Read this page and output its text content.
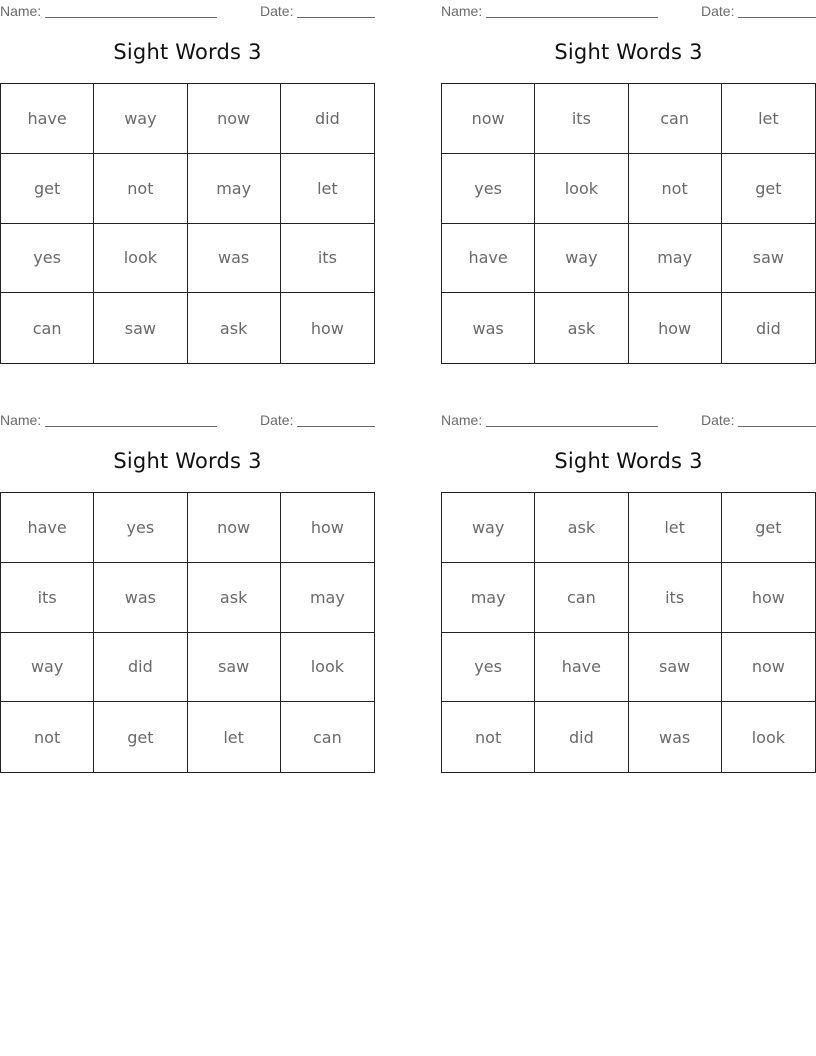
Name:	Date:
Sight Words 3
have	way	now	did
get	not	may	let
yes	look	was	its
can	saw	ask	how
Name:	Date:
Sight Words 3
now	its	can	let
yes	look	not	get
have	way	may	saw
was	ask	how	did
Name:	Date:
Sight Words 3
have	yes	now	how
its	was	ask	may
way	did	saw	look
not	get	let	can
Name:	Date:
Sight Words 3
way	ask	let	get
may	can	its	how
yes	have	saw	now
not	did	was	look
